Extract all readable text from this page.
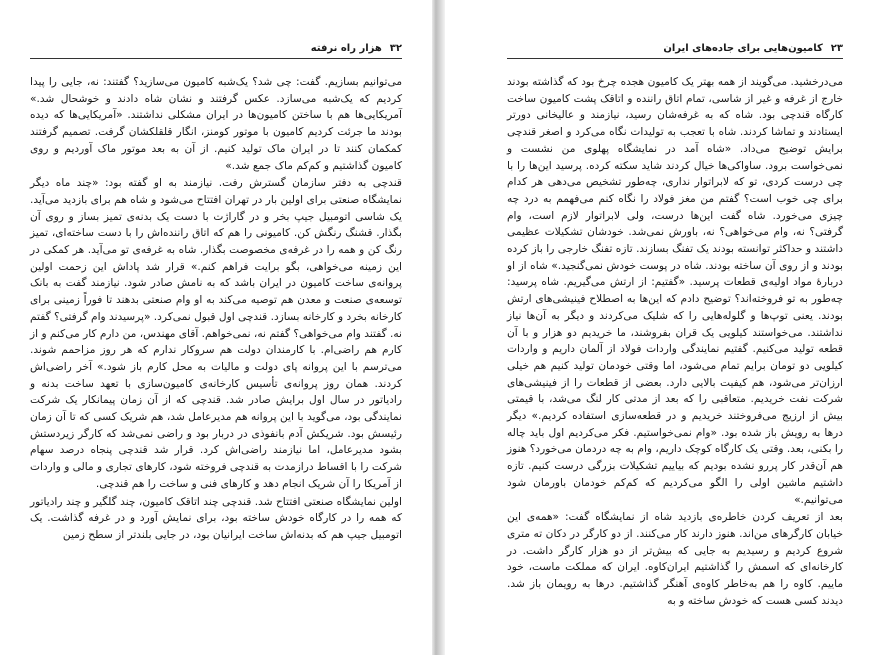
۳۲هزار راه نرفته

می‌توانیم بسازیم. گفت: چی شد؟ یک‌شبه کامیون می‌سازید؟ گفتند: نه، جایی را پیدا کردیم که یک‌شبه می‌سازد. عکس گرفتند و نشان شاه دادند و خوشحال شد.» آمریکایی‌ها هم با ساختن کامیون‌ها در ایران مشکلی نداشتند. «آمریکایی‌ها که دیده بودند ما جرئت کردیم کامیون با موتور کومنز، انگار قلقلکشان گرفت. تصمیم گرفتند کمکمان کنند تا در ایران ماک تولید کنیم. از آن به بعد موتور ماک آوردیم و روی کامیون گذاشتیم و کم‌کم ماک جمع شد.»

قندچی به دفتر سازمان گسترش رفت. نیازمند به او گفته بود: «چند ماه دیگر نمایشگاه صنعتی برای اولین بار در تهران افتتاح می‌شود و شاه هم برای بازدید می‌آید. یک شاسی اتومبیل جیپ بخر و در گاراژت با دست یک بدنه‌ی تمیز بساز و روی آن بگذار. قشنگ رنگش کن. کامیونی را هم که اتاق راننده‌اش را با دست ساخته‌ای، تمیز رنگ کن و همه را در غرفه‌ی مخصوصت بگذار. شاه به غرفه‌ی تو می‌آید. هر کمکی در این زمینه می‌خواهی، بگو برایت فراهم کنم.» قرار شد پاداش این زحمت اولین پروانه‌ی ساخت کامیون در ایران باشد که به نامش صادر شود. نیازمند گفت به بانک توسعه‌ی صنعت و معدن هم توصیه می‌کند به او وام صنعتی بدهند تا فوراً زمینی برای کارخانه بخرد و کارخانه بسازد. قندچی اول قبول نمی‌کرد. «پرسیدند وام گرفتی؟ گفتم نه. گفتند وام می‌خواهی؟ گفتم نه، نمی‌خواهم. آقای مهندس، من دارم کار می‌کنم و از کارم هم راضی‌ام. با کارمندان دولت هم سروکار ندارم که هر روز مزاحمم شوند. می‌ترسم با این پروانه پای دولت و مالیات به محل کارم باز شود.» آخر راضی‌اش کردند. همان روز پروانه‌ی تأسیس کارخانه‌ی کامیون‌سازی با تعهد ساخت بدنه و رادیاتور در سال اول برایش صادر شد. قندچی که از آن زمان پیمانکار یک شرکت نمایندگی بود، می‌گوید با این پروانه هم مدیرعامل شد، هم شریک کسی که تا آن زمان رئیسش بود. شریکش آدم بانفوذی در دربار بود و راضی نمی‌شد که کارگر زیردستش بشود مدیرعامل، اما نیازمند راضی‌اش کرد. قرار شد قندچی پنجاه درصد سهام شرکت را با اقساط درازمدت به قندچی فروخته شود، کارهای تجاری و مالی و واردات از آمریکا را آن شریک انجام دهد و کارهای فنی و ساخت را هم قندچی.

اولین نمایشگاه صنعتی افتتاح شد. قندچی چند اتاقک کامیون، چند گلگیر و چند رادیاتور که همه را در کارگاه خودش ساخته بود، برای نمایش آورد و در غرفه گذاشت. یک اتومبیل جیپ هم که بدنه‌اش ساخت ایرانیان بود، در جایی بلندتر از سطح زمین

۲۳کامیون‌هایی برای جاده‌های ایران

می‌درخشید. می‌گویند از همه بهتر یک کامیون هجده چرخ بود که گذاشته بودند خارج از غرفه و غیر از شاسی، تمام اتاق راننده و اتاقک پشت کامیون ساخت کارگاه قندچی بود. شاه که به غرفه‌شان رسید، نیازمند و عالیخانی دورتر ایستادند و تماشا کردند. شاه با تعجب به تولیدات نگاه می‌کرد و اصغر قندچی برایش توضیح می‌داد. «شاه آمد در نمایشگاه پهلوی من نشست و نمی‌خواست برود. ساواکی‌ها خیال کردند شاید سکته کرده. پرسید این‌ها را با چی درست کردی، تو که لابراتوار نداری، چه‌طور تشخیص می‌دهی هر کدام برای چی خوب است؟ گفتم من مغز فولاد را نگاه کنم می‌فهمم به درد چه چیزی می‌خورد. شاه گفت این‌ها درست، ولی لابراتوار لازم است، وام گرفتی؟ نه، وام می‌خواهی؟ نه، باورش نمی‌شد. خودشان تشکیلات عظیمی داشتند و حداکثر توانسته بودند یک تفنگ بسازند. تازه تفنگ خارجی را باز کرده بودند و از روی آن ساخته بودند. شاه در پوست خودش نمی‌گنجید.» شاه از او دربارهٔ مواد اولیه‌ی قطعات پرسید. «گفتیم: از ارتش می‌گیریم. شاه پرسید: چه‌طور به تو فروخته‌اند؟ توضیح دادم که این‌ها به اصطلاح فینیشی‌های ارتش بودند. یعنی توپ‌ها و گلوله‌هایی را که شلیک می‌کردند و دیگر به آن‌ها نیاز نداشتند. می‌خواستند کیلویی یک قران بفروشند، ما خریدیم دو هزار و با آن قطعه تولید می‌کنیم. گفتیم نمایندگی واردات فولاد از آلمان داریم و واردات کیلویی دو تومان برایم تمام می‌شود، اما وقتی خودمان تولید کنیم هم خیلی ارزان‌تر می‌شود، هم کیفیت بالایی دارد. بعضی از قطعات را از فینیشی‌های شرکت نفت خریدیم. متعاقبی را که بعد از مدتی کار لنگ می‌شد، با قیمتی بیش از ارزیج می‌فروختند خریدیم و در قطعه‌سازی استفاده کردیم.» دیگر درها به رویش باز شده بود. «وام نمی‌خواستیم. فکر می‌کردیم اول باید چاله را بکنی، بعد. وقتی یک کارگاه کوچک داریم، وام به چه دردمان می‌خورد؟ هنوز هم آن‌قدر کار پررو نشده بودیم که بیاییم تشکیلات بزرگی درست کنیم. تازه داشتیم ماشین اولی را الگو می‌کردیم که کم‌کم خودمان باورمان شود می‌توانیم.»

بعد از تعریف کردن خاطره‌ی بازدید شاه از نمایشگاه گفت: «همه‌ی این خیابان کارگرهای من‌اند. هنوز دارند کار می‌کنند. از دو کارگر در دکان ته متری شروع کردیم و رسیدیم به جایی که بیش‌تر از دو هزار کارگر داشت. در کارخانه‌ای که اسمش را گذاشتیم ایران‌کاوه. ایران که مملکت ماست، خود ماییم. کاوه را هم به‌خاطر کاوه‌ی آهنگر گذاشتیم. درها به رویمان باز شد. دیدند کسی هست که خودش ساخته و به
